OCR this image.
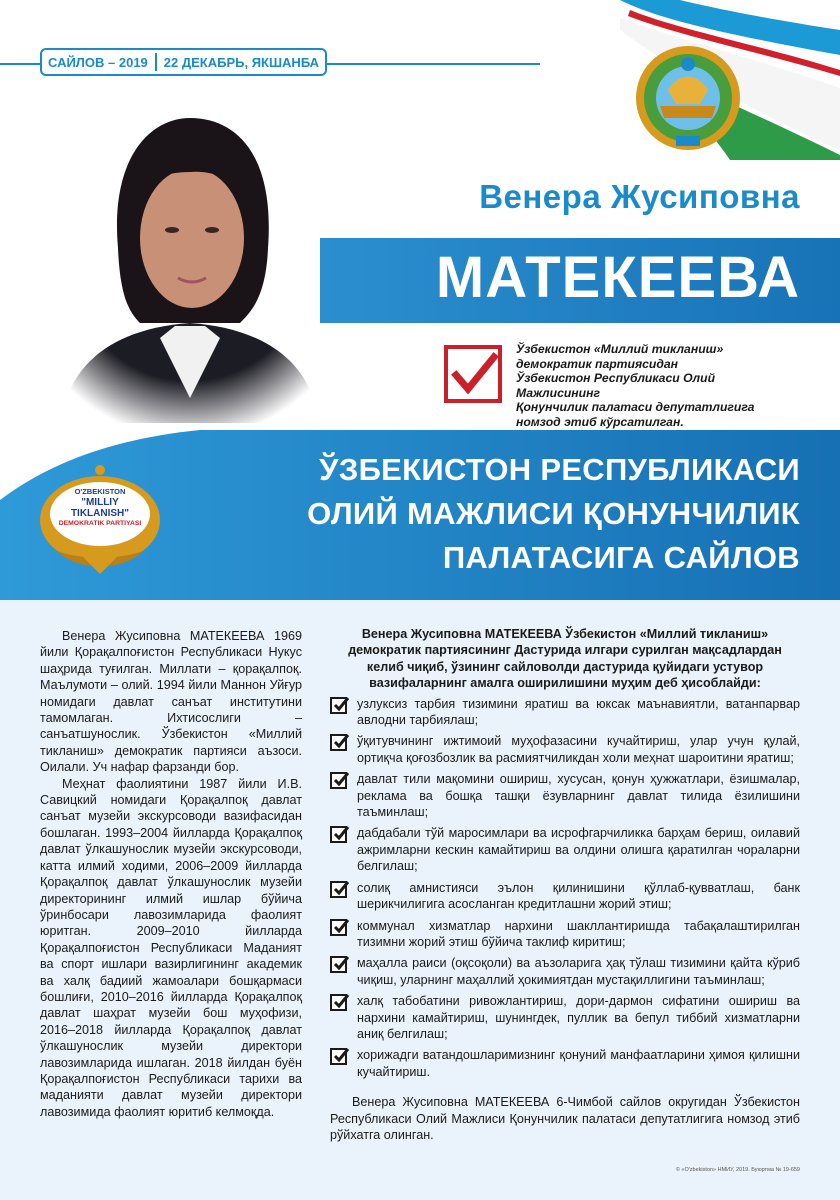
САЙЛОВ – 2019 22 ДЕКАБРЬ, ЯКШАНБА
Венера Жусиповна
МАТЕКЕЕВА
Ўзбекистон «Миллий тикланиш»
демократик партиясидан
Ўзбекистон Республикаси Олий Мажлисининг
Қонунчилик палатаси депутатлигига
номзод этиб кўрсатилган.
ЎЗБЕКИСТОН РЕСПУБЛИКАСИ
ОЛИЙ МАЖЛИСИ ҚОНУНЧИЛИК
ПАЛАТАСИГА САЙЛОВ
O'ZBEKISTON
"MILLIY
TIKLANISH"
DEMOKRATIK PARTIYASI

Венера Жусиповна МАТЕКЕЕВА 1969 йили Қорақалпоғистон Республикаси Нукус шаҳрида туғилган. Миллати – қорақалпоқ. Маълумоти – олий. 1994 йили Маннон Уйғур номидаги давлат санъат институтини тамомлаган. Ихтисослиги – санъатшунослик. Ўзбекистон «Миллий тикланиш» демократик партияси аъзоси. Оилали. Уч нафар фарзанди бор.

Меҳнат фаолиятини 1987 йили И.В. Савицкий номидаги Қорақалпоқ давлат санъат музейи экскурсоводи вазифасидан бошлаган. 1993–2004 йилларда Қорақалпоқ давлат ўлкашунослик музейи экскурсоводи, катта илмий ходими, 2006–2009 йилларда Қорақалпоқ давлат ўлкашунослик музейи директорининг илмий ишлар бўйича ўринбосари лавозимларида фаолият юритган. 2009–2010 йилларда Қорақалпоғистон Республикаси Маданият ва спорт ишлари вазирлигининг академик ва халқ бадиий жамоалари бошқармаси бошлиғи, 2010–2016 йилларда Қорақалпоқ давлат шаҳрат музейи бош муҳофизи, 2016–2018 йилларда Қорақалпоқ давлат ўлкашунослик музейи директори лавозимларида ишлаган. 2018 йилдан буён Қорақалпоғистон Республикаси тарихи ва маданияти давлат музейи директори лавозимида фаолият юритиб келмоқда.

Венера Жусиповна МАТЕКЕЕВА Ўзбекистон «Миллий тикланиш» демократик партиясининг Дастурида илгари сурилган мақсадлардан келиб чиқиб, ўзининг сайловолди дастурида қуйидаги устувор вазифаларнинг амалга оширилишини муҳим деб ҳисоблайди:

узлуксиз тарбия тизимини яратиш ва юксак маънавиятли, ватанпарвар авлодни тарбиялаш;
ўқитувчининг ижтимоий муҳофазасини кучайтириш, улар учун қулай, ортиқча қоғозбозлик ва расмиятчиликдан холи меҳнат шароитини яратиш;
давлат тили мақомини ошириш, хусусан, қонун ҳужжатлари, ёзишмалар, реклама ва бошқа ташқи ёзувларнинг давлат тилида ёзилишини таъминлаш;
дабдабали тўй маросимлари ва исрофгарчиликка барҳам бериш, оилавий ажримларни кескин камайтириш ва олдини олишга қаратилган чораларни белгилаш;
солиқ амнистияси эълон қилинишини қўллаб-қувватлаш, банк шерикчилигига асосланган кредитлашни жорий этиш;
коммунал хизматлар нархини шакллантиришда табақалаштирилган тизимни жорий этиш бўйича таклиф киритиш;
маҳалла раиси (оқсоқоли) ва аъзоларига ҳақ тўлаш тизимини қайта кўриб чиқиш, уларнинг маҳаллий ҳокимиятдан мустақиллигини таъминлаш;
халқ табобатини ривожлантириш, дори-дармон сифатини ошириш ва нархини камайтириш, шунингдек, пуллик ва бепул тиббий хизматларни аниқ белгилаш;
хорижадги ватандошларимизнинг қонуний манфаатларини ҳимоя қилишни кучайтириш.

Венера Жусиповна МАТЕКЕЕВА 6-Чимбой сайлов округидан Ўзбекистон Республикаси Олий Мажлиси Қонунчилик палатаси депутатлигига номзод этиб рўйхатга олинган.

© «O'zbekiston» НМИУ, 2019. Буюртма № 19-659
